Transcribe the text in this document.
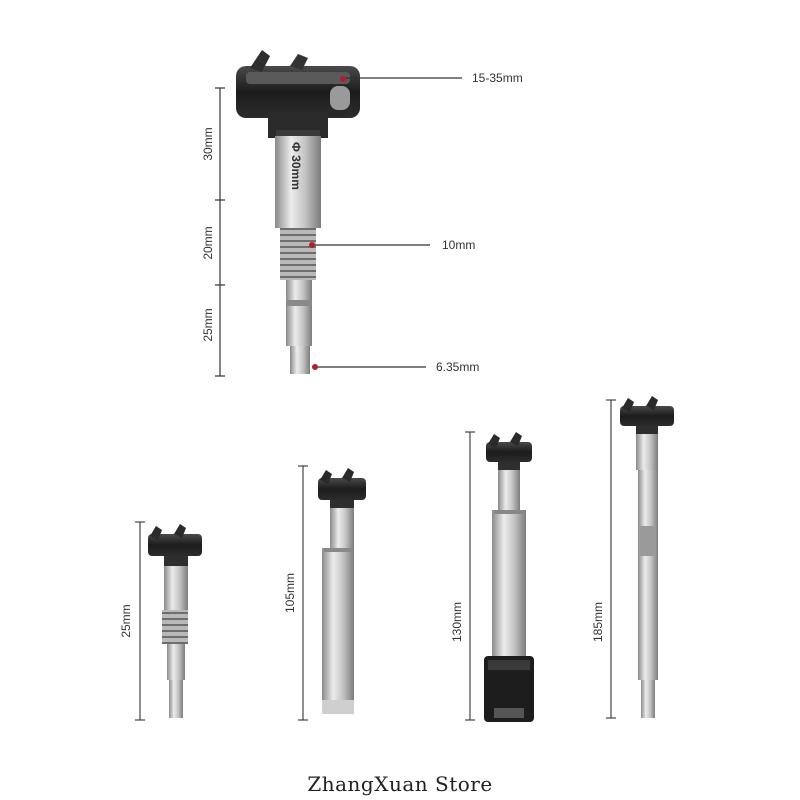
Φ 30mm
30mm
20mm
25mm
15-35mm
10mm
6.35mm
25mm
105mm
130mm	185mm
ZhangXuan Store
